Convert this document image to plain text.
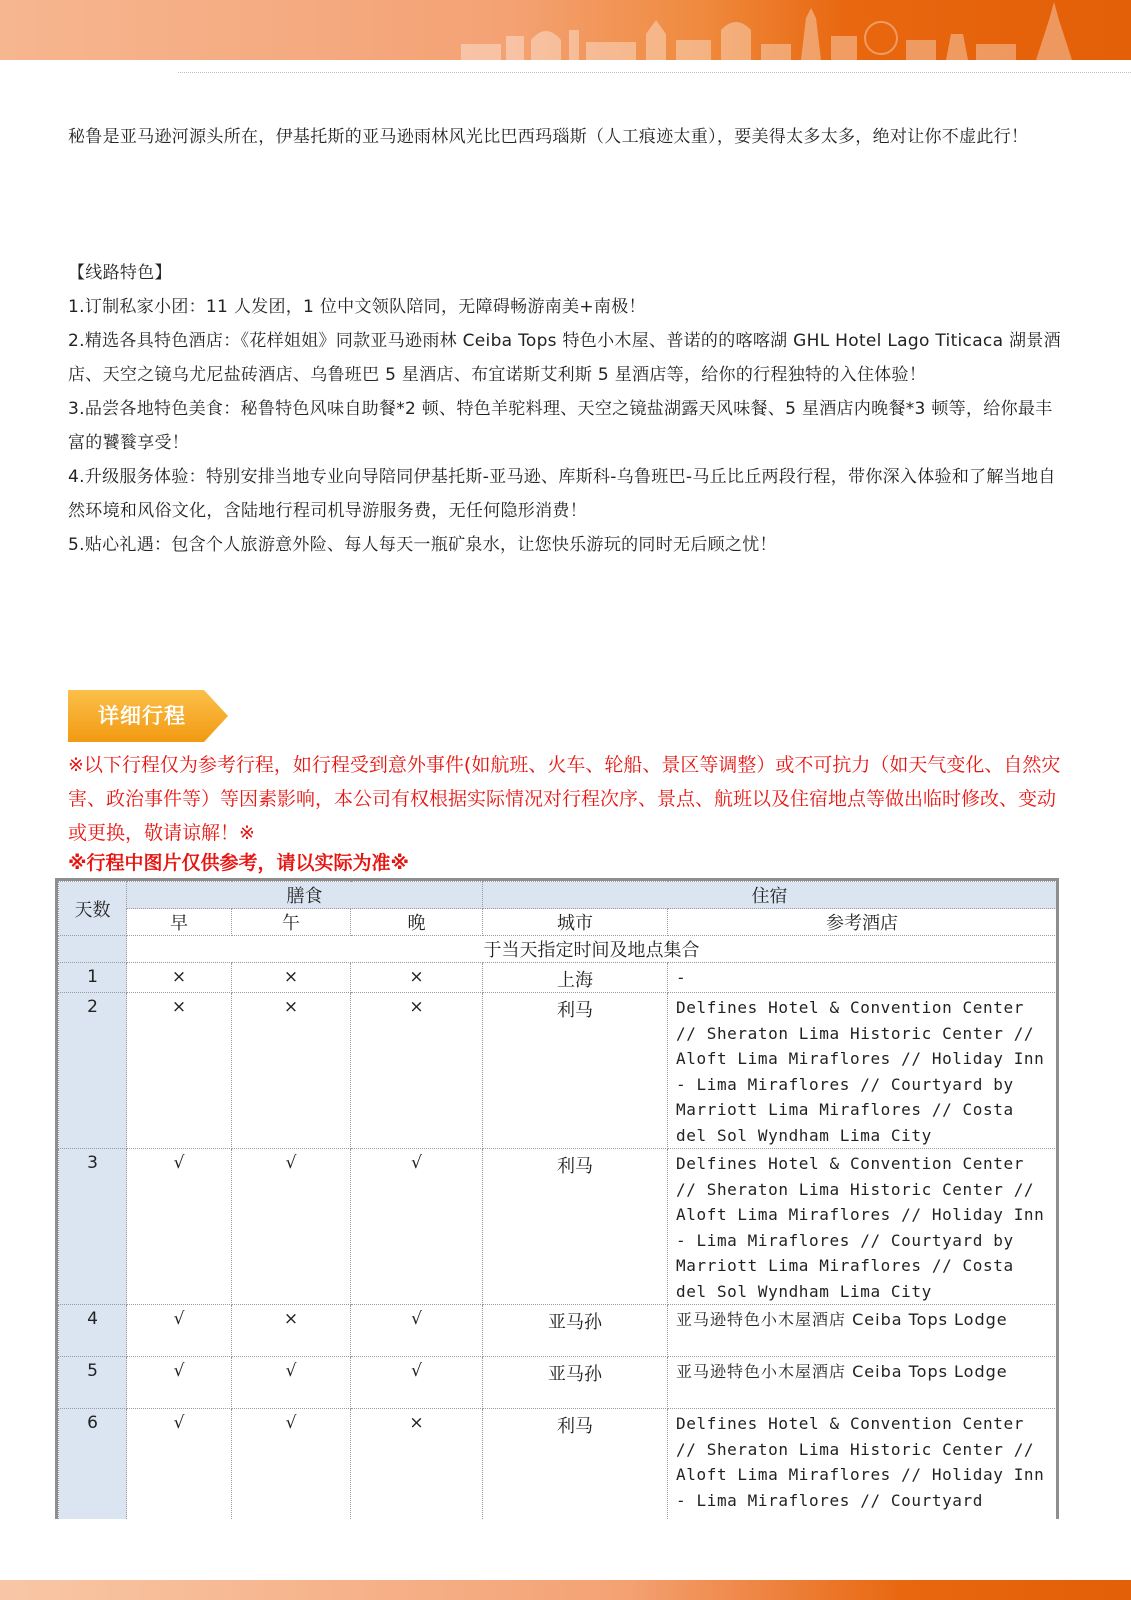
秘鲁是亚马逊河源头所在，伊基托斯的亚马逊雨林风光比巴西玛瑙斯（人工痕迹太重），要美得太多太多，绝对让你不虚此行！

【线路特色】

1.订制私家小团：11 人发团，1 位中文领队陪同，无障碍畅游南美+南极！

2.精选各具特色酒店：《花样姐姐》同款亚马逊雨林 Ceiba Tops 特色小木屋、普诺的的喀喀湖 GHL Hotel Lago Titicaca 湖景酒店、天空之镜乌尤尼盐砖酒店、乌鲁班巴 5 星酒店、布宜诺斯艾利斯 5 星酒店等，给你的行程独特的入住体验！

3.品尝各地特色美食：秘鲁特色风味自助餐*2 顿、特色羊驼料理、天空之镜盐湖露天风味餐、5 星酒店内晚餐*3 顿等，给你最丰富的饕餮享受！

4.升级服务体验：特别安排当地专业向导陪同伊基托斯-亚马逊、库斯科-乌鲁班巴-马丘比丘两段行程，带你深入体验和了解当地自然环境和风俗文化，含陆地行程司机导游服务费，无任何隐形消费！

5.贴心礼遇：包含个人旅游意外险、每人每天一瓶矿泉水，让您快乐游玩的同时无后顾之忧！

详细行程
※以下行程仅为参考行程，如行程受到意外事件(如航班、火车、轮船、景区等调整）或不可抗力（如天气变化、自然灾害、政治事件等）等因素影响，本公司有权根据实际情况对行程次序、景点、航班以及住宿地点等做出临时修改、变动或更换，敬请谅解！※
※行程中图片仅供参考，请以实际为准※
天数	膳食			住宿	
	早	午	晚	城市	参考酒店
	于当天指定时间及地点集合				
1	×	×	×	上海	-
2	×	×	×	利马	Delfines Hotel & Convention Center // Sheraton Lima Historic Center // Aloft Lima Miraflores // Holiday Inn - Lima Miraflores // Courtyard by Marriott Lima Miraflores // Costa del Sol Wyndham Lima City
3	√	√	√	利马	Delfines Hotel & Convention Center // Sheraton Lima Historic Center // Aloft Lima Miraflores // Holiday Inn - Lima Miraflores // Courtyard by Marriott Lima Miraflores // Costa del Sol Wyndham Lima City
4	√	×	√	亚马孙	亚马逊特色小木屋酒店 Ceiba Tops Lodge
5	√	√	√	亚马孙	亚马逊特色小木屋酒店 Ceiba Tops Lodge
6	√	√	×	利马	Delfines Hotel & Convention Center // Sheraton Lima Historic Center // Aloft Lima Miraflores // Holiday Inn - Lima Miraflores // Courtyard
